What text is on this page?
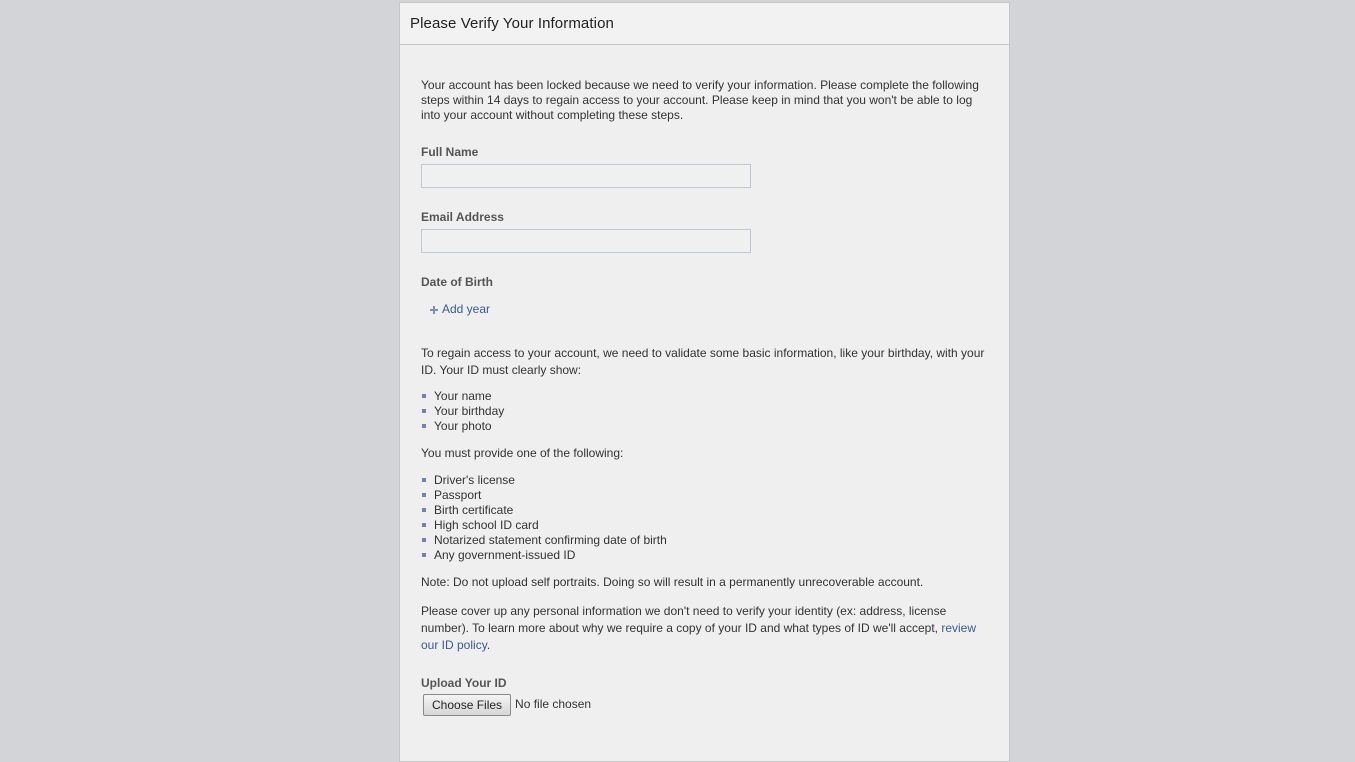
Please Verify Your Information

Your account has been locked because we need to verify your information. Please complete the following steps within 14 days to regain access to your account. Please keep in mind that you won't be able to log into your account without completing these steps.

Full Name
Email Address
Date of Birth
Add year

To regain access to your account, we need to validate some basic information, like your birthday, with your ID. Your ID must clearly show:

Your name
Your birthday
Your photo

You must provide one of the following:

Driver's license
Passport
Birth certificate
High school ID card
Notarized statement confirming date of birth
Any government-issued ID

Note: Do not upload self portraits. Doing so will result in a permanently unrecoverable account.

Please cover up any personal information we don't need to verify your identity (ex: address, license number). To learn more about why we require a copy of your ID and what types of ID we'll accept, review our ID policy.

Upload Your ID
Choose Files	No file chosen
